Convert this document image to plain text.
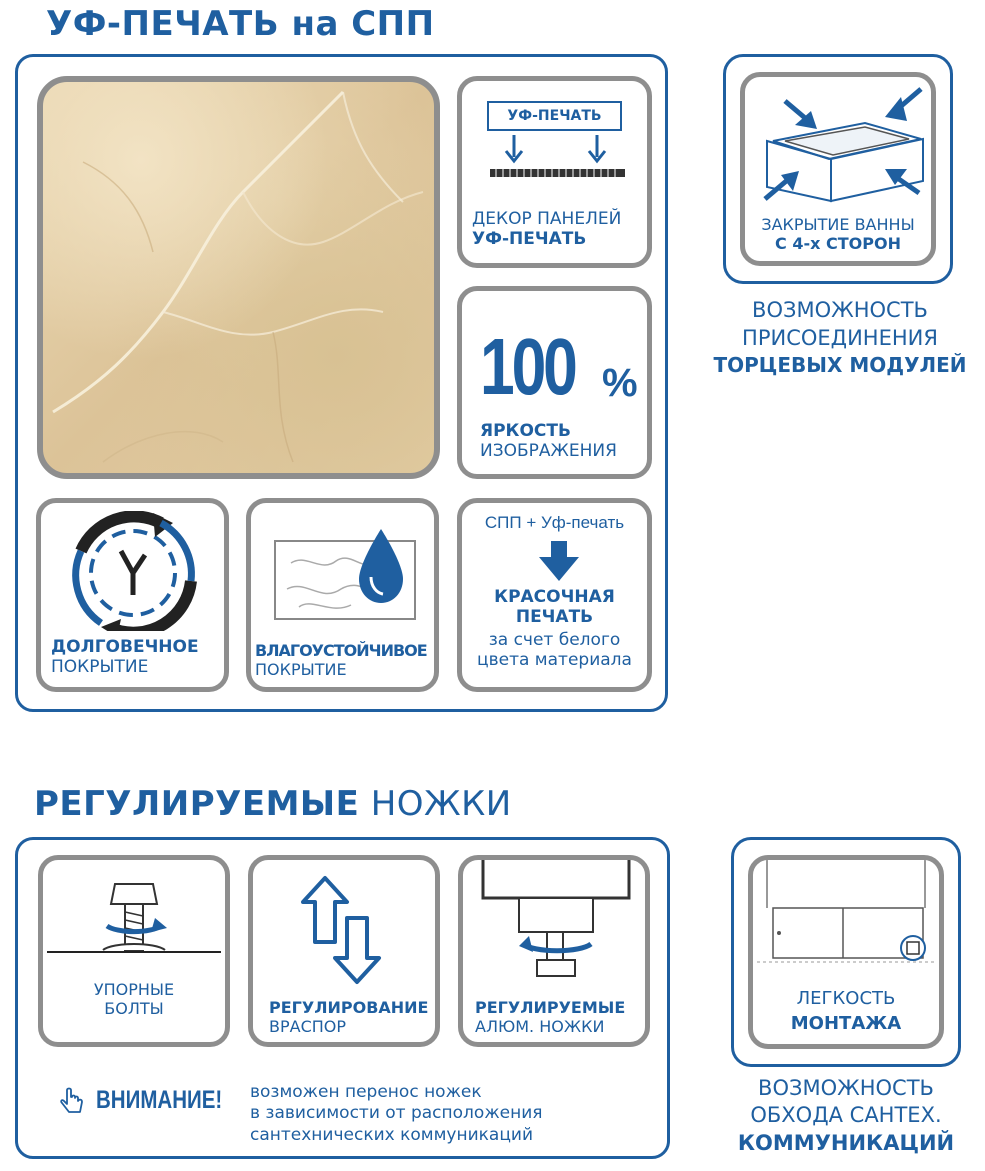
УФ-ПЕЧАТЬ на СПП
УФ-ПЕЧАТЬ
ДЕКОР ПАНЕЛЕЙ
УФ-ПЕЧАТЬ
100 %
ЯРКОСТЬ
ИЗОБРАЖЕНИЯ
ДОЛГОВЕЧНОЕ
ПОКРЫТИЕ
ВЛАГОУСТОЙЧИВОЕ
ПОКРЫТИЕ
СПП + Уф-печать
КРАСОЧНАЯ
ПЕЧАТЬ
за счет белого
цвета материала
ЗАКРЫТИЕ ВАННЫ
С 4-х СТОРОН
ВОЗМОЖНОСТЬ
ПРИСОЕДИНЕНИЯ
ТОРЦЕВЫХ МОДУЛЕЙ
РЕГУЛИРУЕМЫЕ НОЖКИ
УПОРНЫЕ
БОЛТЫ	РЕГУЛИРОВАНИЕ
ВРАСПОР
РЕГУЛИРУЕМЫЕ
АЛЮМ. НОЖКИ
ВНИМАНИЕ! возможен перенос ножек
в зависимости от расположения
сантехнических коммуникаций
ЛЕГКОСТЬ
МОНТАЖА
ВОЗМОЖНОСТЬ
ОБХОДА САНТЕХ.
КОММУНИКАЦИЙ
